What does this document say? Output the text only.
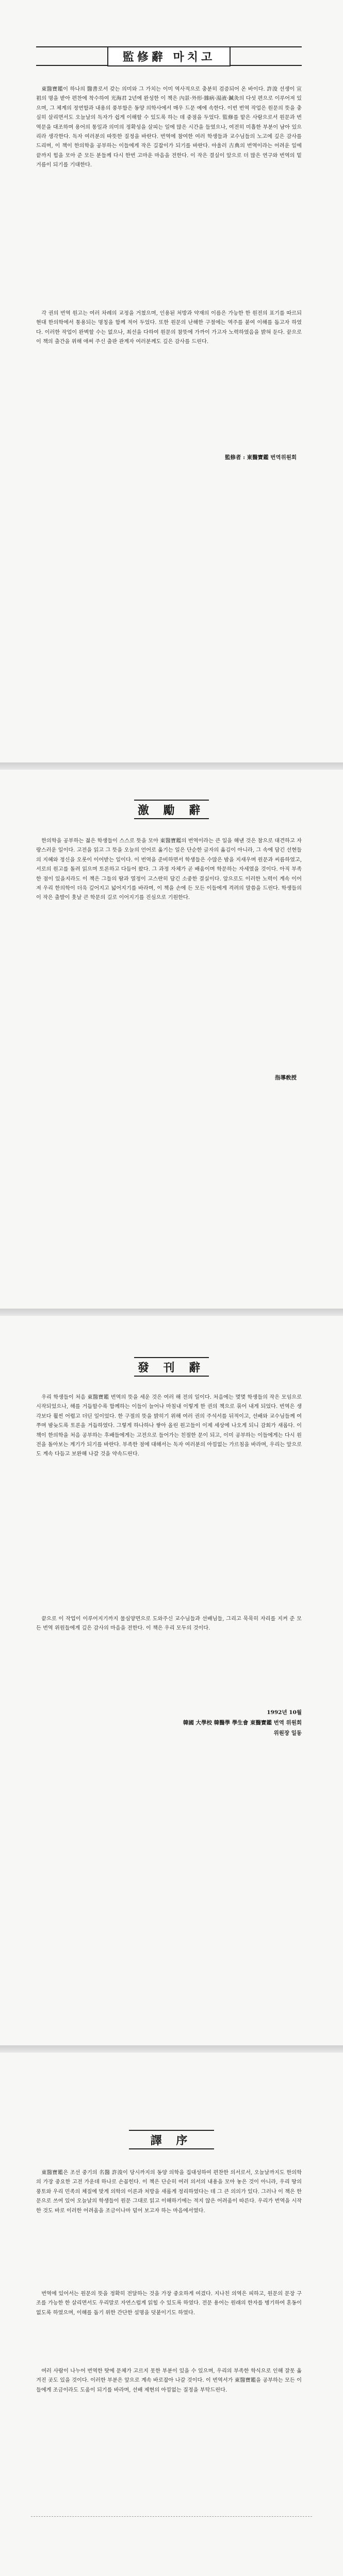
監修辭 마치고
東醫寶鑑이 하나의 醫書로서 갖는 의미와 그 가치는 이미 역사적으로 충분히 검증되어 온 바이다. 許浚 선생이 宣祖의 명을 받아 편찬에 착수하여 光海君 2년에 완성한 이 책은 內景·外形·雜病·湯液·鍼灸의 다섯 편으로 이루어져 있으며, 그 체계의 정연함과 내용의 풍부함은 동양 의학사에서 매우 드문 예에 속한다. 이번 번역 작업은 원문의 뜻을 충실히 살리면서도 오늘날의 독자가 쉽게 이해할 수 있도록 하는 데 중점을 두었다. 監修를 맡은 사람으로서 원문과 번역문을 대조하며 용어의 통일과 의미의 정확성을 살피는 일에 많은 시간을 들였으나, 여전히 미흡한 부분이 남아 있으리라 생각한다. 독자 여러분의 따뜻한 질정을 바란다. 번역에 참여한 여러 학생들과 교수님들의 노고에 깊은 감사를 드리며, 이 책이 한의학을 공부하는 이들에게 작은 길잡이가 되기를 바란다. 아울러 古典의 번역이라는 어려운 일에 끝까지 힘을 모아 준 모든 분들께 다시 한번 고마운 마음을 전한다. 이 작은 결실이 앞으로 더 많은 연구와 번역의 밑거름이 되기를 기대한다.
각 권의 번역 원고는 여러 차례의 교정을 거쳤으며, 인용된 처방과 약재의 이름은 가능한 한 원전의 표기를 따르되 현대 한의학에서 통용되는 명칭을 함께 적어 두었다. 또한 원문의 난해한 구절에는 역주를 붙여 이해를 돕고자 하였다. 이러한 작업이 완벽할 수는 없으나, 최선을 다하여 원문의 참뜻에 가까이 가고자 노력하였음을 밝혀 둔다. 끝으로 이 책의 출간을 위해 애써 주신 출판 관계자 여러분께도 깊은 감사를 드린다.
監修者 : 東醫寶鑑 번역위원회
激 勵 辭
한의학을 공부하는 젊은 학생들이 스스로 뜻을 모아 東醫寶鑑의 번역이라는 큰 일을 해낸 것은 참으로 대견하고 자랑스러운 일이다. 고전을 읽고 그 뜻을 오늘의 언어로 옮기는 일은 단순한 글자의 옮김이 아니라, 그 속에 담긴 선현들의 지혜와 정신을 오롯이 이어받는 일이다. 이 번역을 준비하면서 학생들은 수많은 밤을 지새우며 원문과 씨름하였고, 서로의 원고를 돌려 읽으며 토론하고 다듬어 왔다. 그 과정 자체가 곧 배움이며 학문하는 자세였을 것이다. 아직 부족한 점이 있을지라도 이 책은 그들의 땀과 열정이 고스란히 담긴 소중한 결실이다. 앞으로도 이러한 노력이 계속 이어져 우리 한의학이 더욱 깊어지고 넓어지기를 바라며, 이 책을 손에 든 모든 이들에게 격려의 말씀을 드린다. 학생들의 이 작은 출발이 훗날 큰 학문의 길로 이어지기를 진심으로 기원한다.
指導敎授
發 刊 辭
우리 학생들이 처음 東醫寶鑑 번역의 뜻을 세운 것은 여러 해 전의 일이다. 처음에는 몇몇 학생들의 작은 모임으로 시작되었으나, 해를 거듭할수록 함께하는 이들이 늘어나 마침내 이렇게 한 권의 책으로 묶어 내게 되었다. 번역은 생각보다 훨씬 어렵고 더딘 일이었다. 한 구절의 뜻을 밝히기 위해 여러 권의 주석서를 뒤적이고, 선배와 교수님들께 여쭈며 밤늦도록 토론을 거듭하였다. 그렇게 하나하나 쌓아 올린 원고들이 이제 세상에 나오게 되니 감회가 새롭다. 이 책이 한의학을 처음 공부하는 후배들에게는 고전으로 들어가는 친절한 문이 되고, 이미 공부하는 이들에게는 다시 원전을 돌아보는 계기가 되기를 바란다. 부족한 점에 대해서는 독자 여러분의 아낌없는 가르침을 바라며, 우리는 앞으로도 계속 다듬고 보완해 나갈 것을 약속드린다.
끝으로 이 작업이 이루어지기까지 물심양면으로 도와주신 교수님들과 선배님들, 그리고 묵묵히 자리를 지켜 준 모든 번역 위원들에게 깊은 감사의 마음을 전한다. 이 책은 우리 모두의 것이다.
1992년 10월
韓國 大學校 韓醫學 學生會 東醫寶鑑 번역 위원회
위원장 일동
譯 序
東醫寶鑑은 조선 중기의 名醫 許浚이 당시까지의 동양 의학을 집대성하여 편찬한 의서로서, 오늘날까지도 한의학의 가장 중요한 고전 가운데 하나로 손꼽힌다. 이 책은 단순히 여러 의서의 내용을 모아 놓은 것이 아니라, 우리 땅의 풍토와 우리 민족의 체질에 맞게 의학의 이론과 처방을 새롭게 정리하였다는 데 그 큰 의의가 있다. 그러나 이 책은 한문으로 쓰여 있어 오늘날의 학생들이 원문 그대로 읽고 이해하기에는 적지 않은 어려움이 따른다. 우리가 번역을 시작한 것도 바로 이러한 어려움을 조금이나마 덜어 보고자 하는 마음에서였다.
번역에 있어서는 원문의 뜻을 정확히 전달하는 것을 가장 중요하게 여겼다. 지나친 의역은 피하고, 원문의 문장 구조를 가능한 한 살리면서도 우리말로 자연스럽게 읽힐 수 있도록 하였다. 전문 용어는 원래의 한자를 병기하여 혼동이 없도록 하였으며, 이해를 돕기 위한 간단한 설명을 덧붙이기도 하였다.
여러 사람이 나누어 번역한 탓에 문체가 고르지 못한 부분이 있을 수 있으며, 우리의 부족한 학식으로 인해 잘못 옮겨진 곳도 있을 것이다. 이러한 부분은 앞으로 계속 바로잡아 나갈 것이다. 이 번역서가 東醫寶鑑을 공부하는 모든 이들에게 조금이라도 도움이 되기를 바라며, 선배 제현의 아낌없는 질정을 부탁드린다.
